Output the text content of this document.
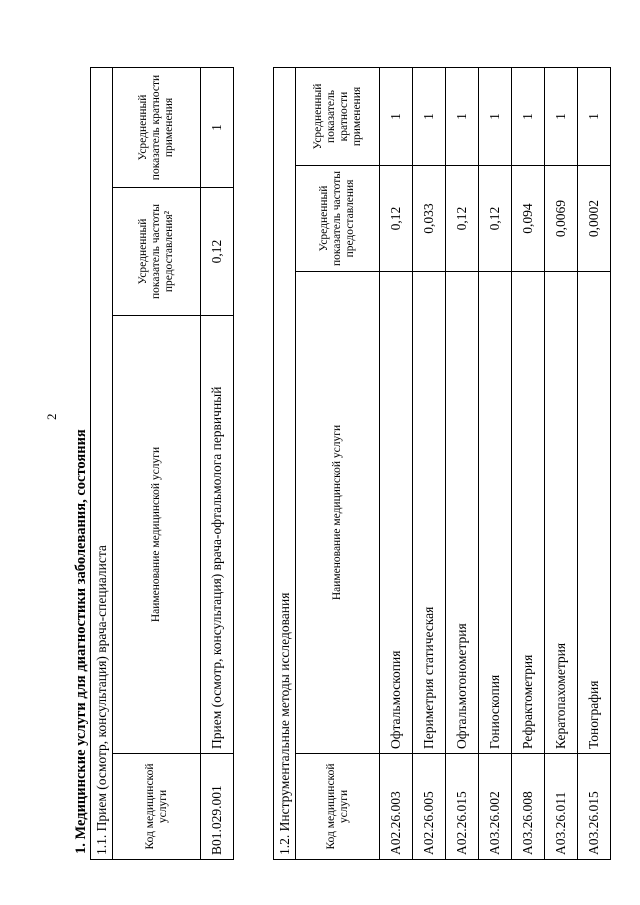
2
1. Медицинские услуги для диагностики заболевания, состояния 1.1. Прием (осмотр, консультация) врача-специалиста			
Код медицинской услуги	Наименование медицинской услуги	Усредненный показатель частоты предоставления²	Усредненный показатель кратности применения
B01.029.001	Прием (осмотр, консультация) врача-офтальмолога первичный	0,12	1
1.2. Инструментальные методы исследования			
Код медицинской услуги	Наименование медицинской услуги	Усредненный показатель частоты предоставления	Усредненный показатель кратности применения
A02.26.003	Офтальмоскопия	0,12	1
A02.26.005	Периметрия статическая	0,033	1
A02.26.015	Офтальмотонометрия	0,12	1
A03.26.002	Гониоскопия	0,12	1
A03.26.008	Рефрактометрия	0,094	1
A03.26.011	Кератопахометрия	0,0069	1
A03.26.015	Тонография	0,0002	1
